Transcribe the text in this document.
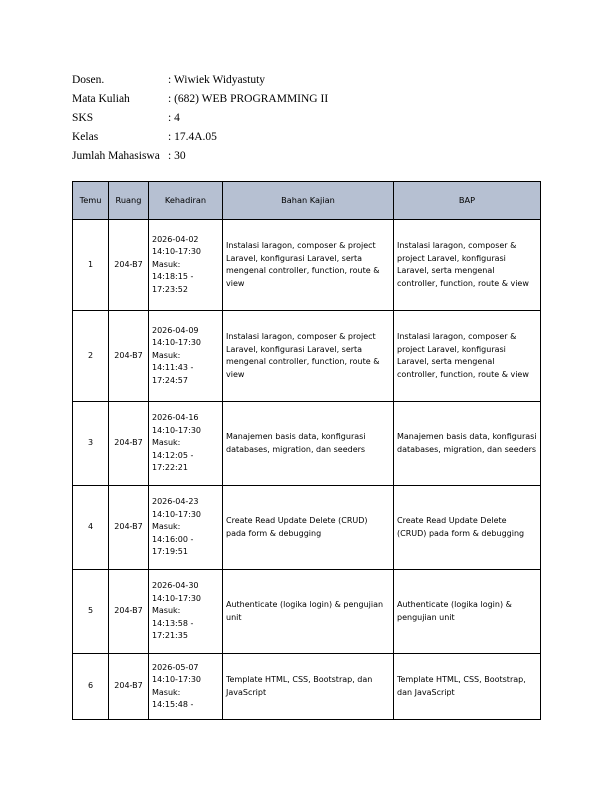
Dosen.	: Wiwiek Widyastuty
Mata Kuliah	: (682) WEB PROGRAMMING II
SKS	: 4
Kelas	: 17.4A.05
Jumlah Mahasiswa : 30
Temu	Ruang	Kehadiran	Bahan Kajian	BAP
1	204-B7	2026-04-02
14:10-17:30
Masuk:
14:18:15 -
17:23:52	Instalasi laragon, composer & project Laravel, konfigurasi Laravel, serta mengenal controller, function, route & view	Instalasi laragon, composer & project Laravel, konfigurasi Laravel, serta mengenal controller, function, route & view
2	204-B7	2026-04-09
14:10-17:30
Masuk:
14:11:43 -
17:24:57	Instalasi laragon, composer & project Laravel, konfigurasi Laravel, serta mengenal controller, function, route & view	Instalasi laragon, composer & project Laravel, konfigurasi Laravel, serta mengenal controller, function, route & view
3	204-B7	2026-04-16
14:10-17:30
Masuk:
14:12:05 -
17:22:21	Manajemen basis data, konfigurasi databases, migration, dan seeders	Manajemen basis data, konfigurasi databases, migration, dan seeders
4	204-B7	2026-04-23
14:10-17:30
Masuk:
14:16:00 -
17:19:51	Create Read Update Delete (CRUD) pada form & debugging	Create Read Update Delete (CRUD) pada form & debugging
5	204-B7	2026-04-30
14:10-17:30
Masuk:
14:13:58 -
17:21:35	Authenticate (logika login) & pengujian unit	Authenticate (logika login) & pengujian unit
6	204-B7	2026-05-07
14:10-17:30
Masuk:
14:15:48 -	Template HTML, CSS, Bootstrap, dan JavaScript	Template HTML, CSS, Bootstrap, dan JavaScript
